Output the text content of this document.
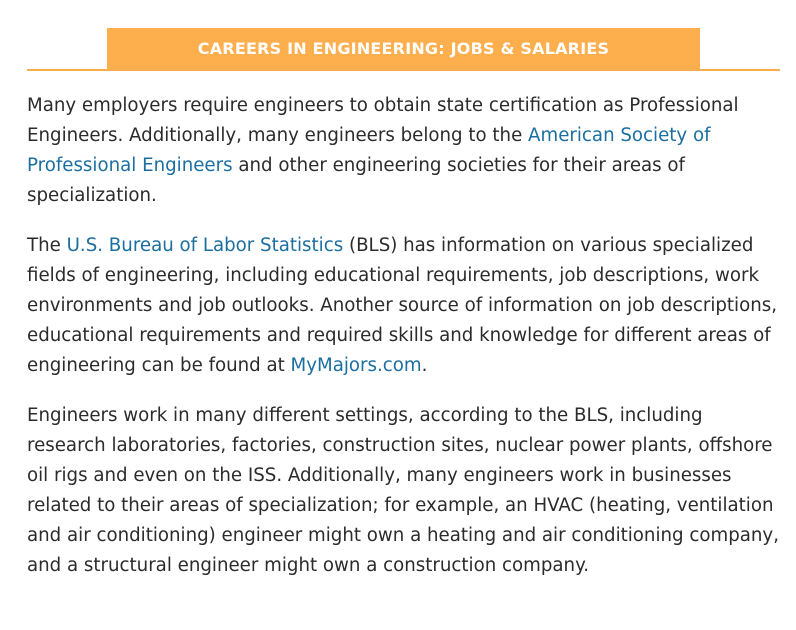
CAREERS IN ENGINEERING: JOBS & SALARIES

Many employers require engineers to obtain state certification as Professional Engineers. Additionally, many engineers belong to the American Society of Professional Engineers and other engineering societies for their areas of specialization.

The U.S. Bureau of Labor Statistics (BLS) has information on various specialized fields of engineering, including educational requirements, job descriptions, work environments and job outlooks. Another source of information on job descriptions, educational requirements and required skills and knowledge for different areas of engineering can be found at MyMajors.com.

Engineers work in many different settings, according to the BLS, including research laboratories, factories, construction sites, nuclear power plants, offshore oil rigs and even on the ISS. Additionally, many engineers work in businesses related to their areas of specialization; for example, an HVAC (heating, ventilation and air conditioning) engineer might own a heating and air conditioning company, and a structural engineer might own a construction company.
